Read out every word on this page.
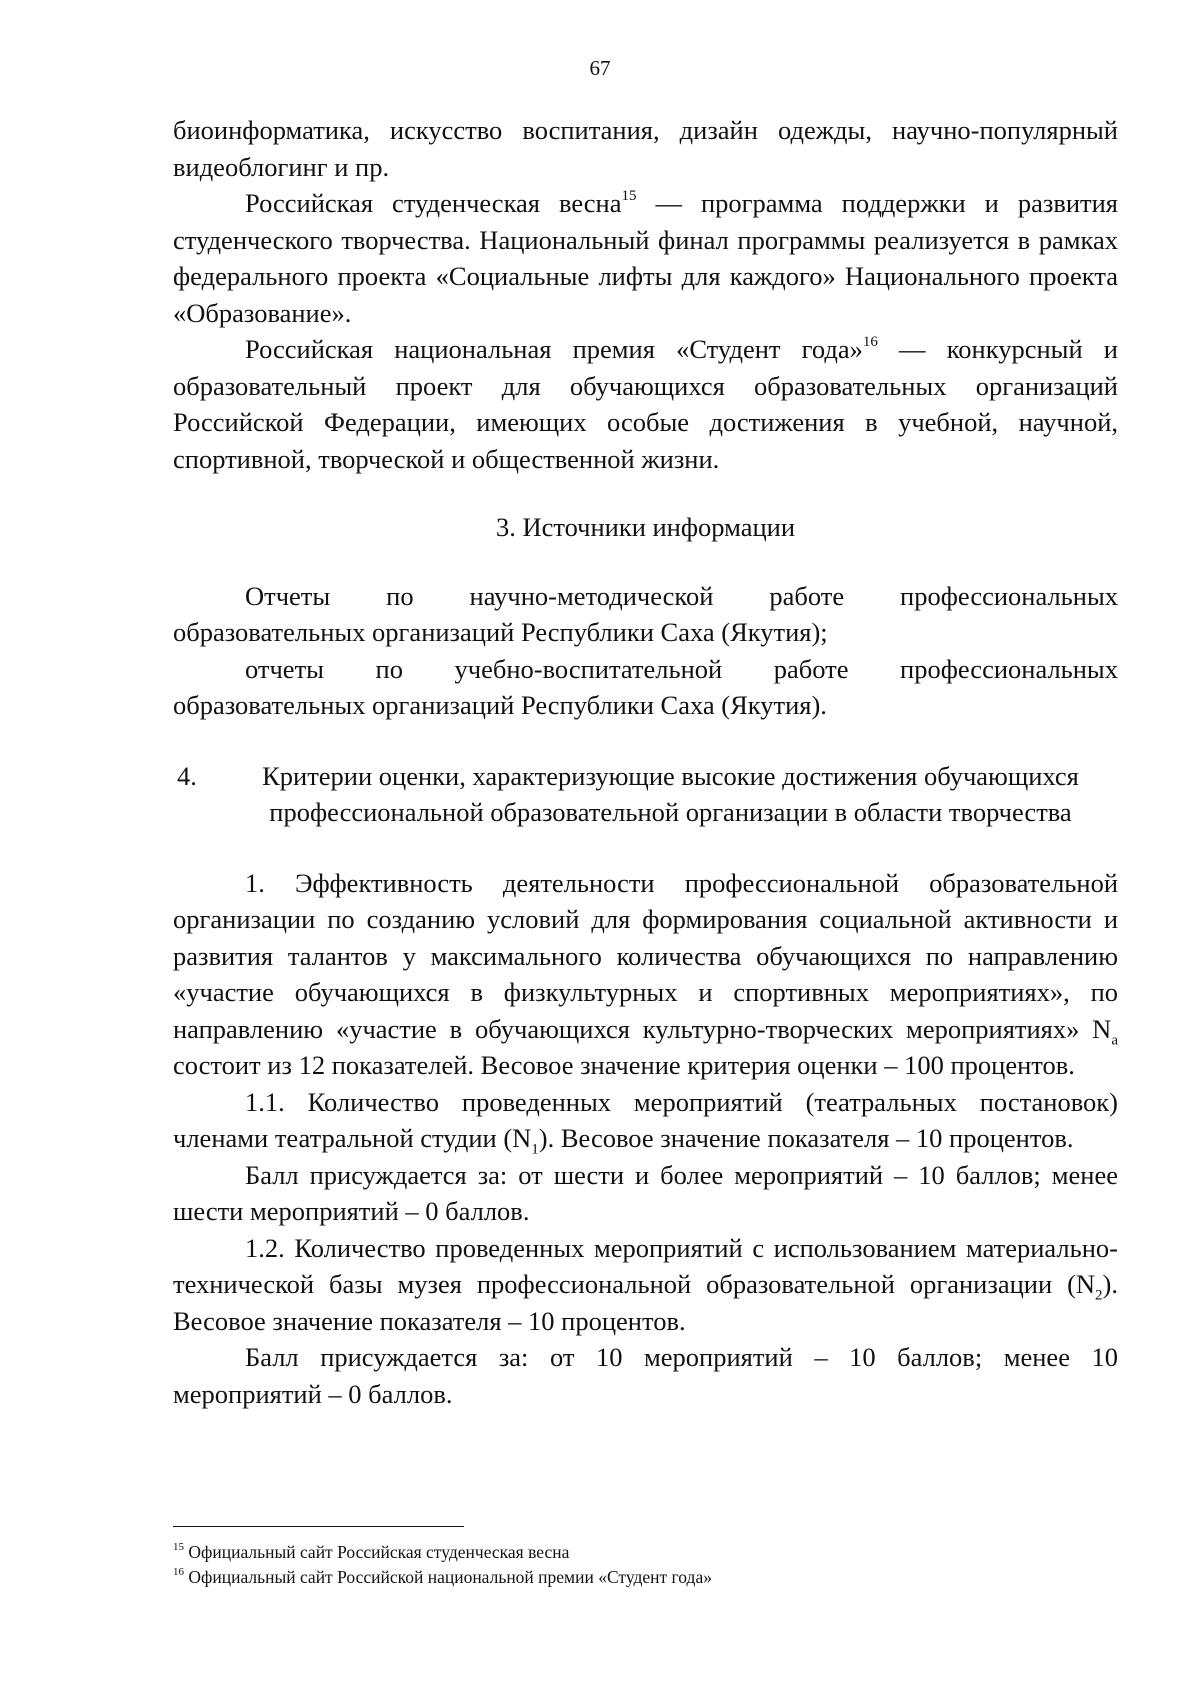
67

биоинформатика, искусство воспитания, дизайн одежды, научно-популярный видеоблогинг и пр.

Российская студенческая весна$^{15}$ — программа поддержки и развития студенческого творчества. Национальный финал программы реализуется в рамках федерального проекта «Социальные лифты для каждого» Национального проекта «Образование».

Российская национальная премия «Студент года»$^{16}$ — конкурсный и образовательный проект для обучающихся образовательных организаций Российской Федерации, имеющих особые достижения в учебной, научной, спортивной, творческой и общественной жизни.

3. Источники информации

Отчеты по научно-методической работе профессиональных образовательных организаций Республики Саха (Якутия);

отчеты по учебно-воспитательной работе профессиональных образовательных организаций Республики Саха (Якутия).

4.	Критерии оценки, характеризующие высокие достижения обучающихся профессиональной образовательной организации в области творчества

1. Эффективность деятельности профессиональной образовательной организации по созданию условий для формирования социальной активности и развития талантов у максимального количества обучающихся по направлению «участие обучающихся в физкультурных и спортивных мероприятиях», по направлению «участие в обучающихся культурно-творческих мероприятиях» $N_a$ состоит из 12 показателей. Весовое значение критерия оценки – 100 процентов.

1.1. Количество проведенных мероприятий (театральных постановок) членами театральной студии $(N_1)$. Весовое значение показателя – 10 процентов.

Балл присуждается за: от шести и более мероприятий – 10 баллов; менее шести мероприятий – 0 баллов.

1.2. Количество проведенных мероприятий с использованием материально-технической базы музея профессиональной образовательной организации $(N_2)$. Весовое значение показателя – 10 процентов.

Балл присуждается за: от 10 мероприятий – 10 баллов; менее 10 мероприятий – 0 баллов.

$^{15}$ Официальный сайт Российская студенческая весна

$^{16}$ Официальный сайт Российской национальной премии «Студент года»
